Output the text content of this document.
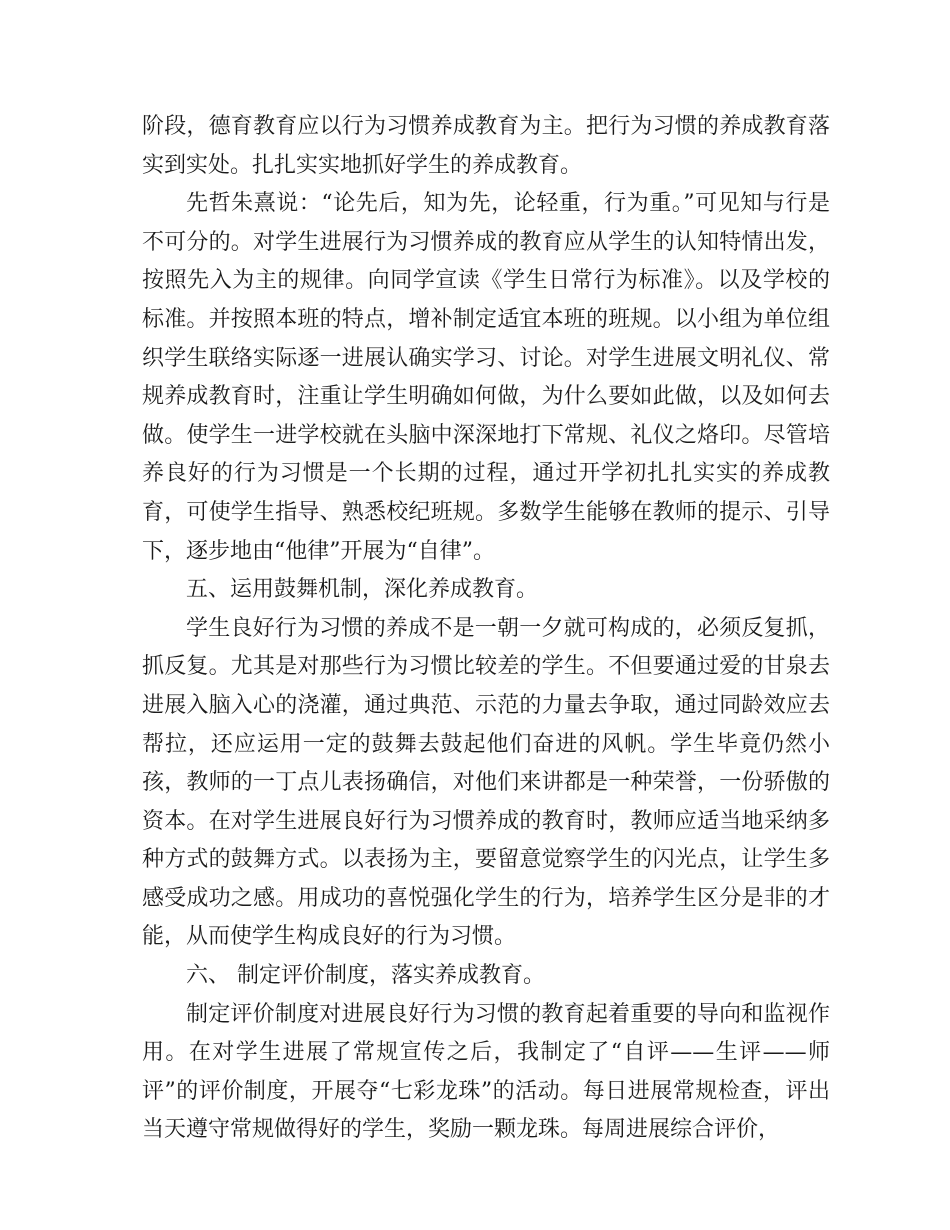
阶段，德育教育应以行为习惯养成教育为主。把行为习惯的养成教育落实到实处。扎扎实实地抓好学生的养成教育。

先哲朱熹说：“论先后，知为先，论轻重，行为重。”可见知与行是不可分的。对学生进展行为习惯养成的教育应从学生的认知特情出发，按照先入为主的规律。向同学宣读《学生日常行为标准》。以及学校的标准。并按照本班的特点，增补制定适宜本班的班规。以小组为单位组织学生联络实际逐一进展认确实学习、讨论。对学生进展文明礼仪、常规养成教育时，注重让学生明确如何做，为什么要如此做，以及如何去做。使学生一进学校就在头脑中深深地打下常规、礼仪之烙印。尽管培养良好的行为习惯是一个长期的过程，通过开学初扎扎实实的养成教育，可使学生指导、熟悉校纪班规。多数学生能够在教师的提示、引导下，逐步地由“他律”开展为“自律”。

五、运用鼓舞机制，深化养成教育。

学生良好行为习惯的养成不是一朝一夕就可构成的，必须反复抓，抓反复。尤其是对那些行为习惯比较差的学生。不但要通过爱的甘泉去进展入脑入心的浇灌，通过典范、示范的力量去争取，通过同龄效应去帮拉，还应运用一定的鼓舞去鼓起他们奋进的风帆。学生毕竟仍然小孩，教师的一丁点儿表扬确信，对他们来讲都是一种荣誉，一份骄傲的资本。在对学生进展良好行为习惯养成的教育时，教师应适当地采纳多种方式的鼓舞方式。以表扬为主，要留意觉察学生的闪光点，让学生多感受成功之感。用成功的喜悦强化学生的行为，培养学生区分是非的才能，从而使学生构成良好的行为习惯。

六、 制定评价制度，落实养成教育。

制定评价制度对进展良好行为习惯的教育起着重要的导向和监视作用。在对学生进展了常规宣传之后，我制定了“自评——生评——师评”的评价制度，开展夺“七彩龙珠”的活动。每日进展常规检查，评出当天遵守常规做得好的学生，奖励一颗龙珠。每周进展综合评价，
